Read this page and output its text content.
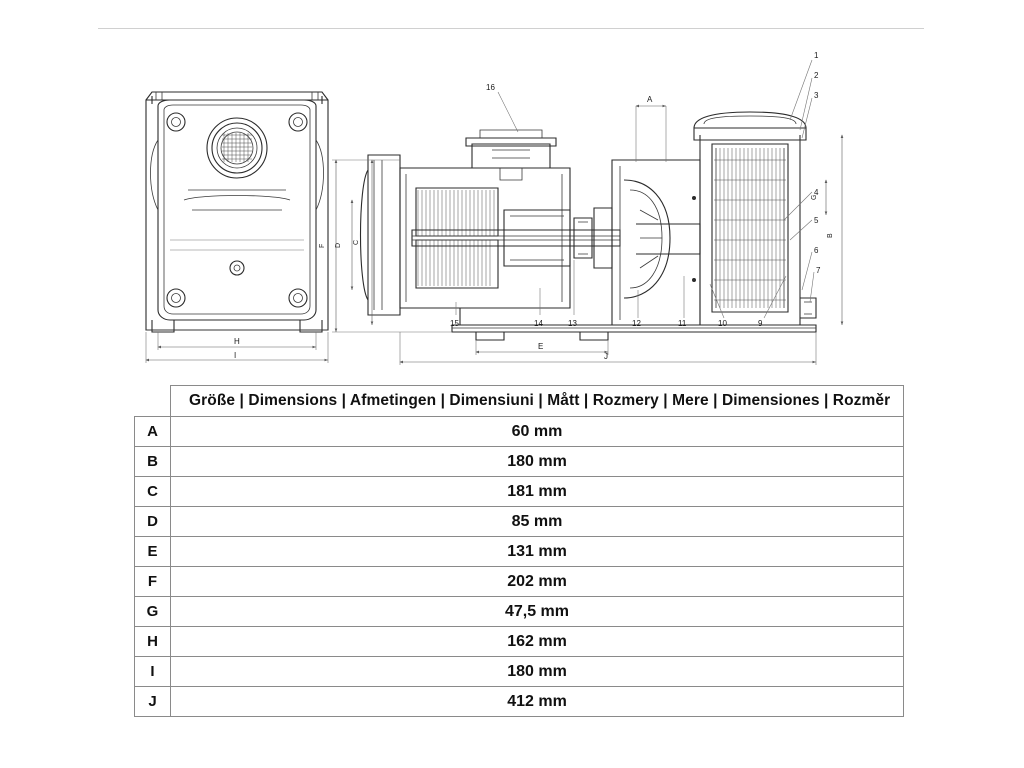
H
I
A
C
D
F
G
B
E
J
16
1
2
3
4
5
6
7
15	14	13	12	11	10	9
	Größe | Dimensions | Afmetingen | Dimensiuni | Mått | Rozmery | Mere | Dimensiones | Rozměr
A	60 mm
B	180 mm
C	181 mm
D	85 mm
E	131 mm
F	202 mm
G	47,5 mm
H	162 mm
I	180 mm
J	412 mm
